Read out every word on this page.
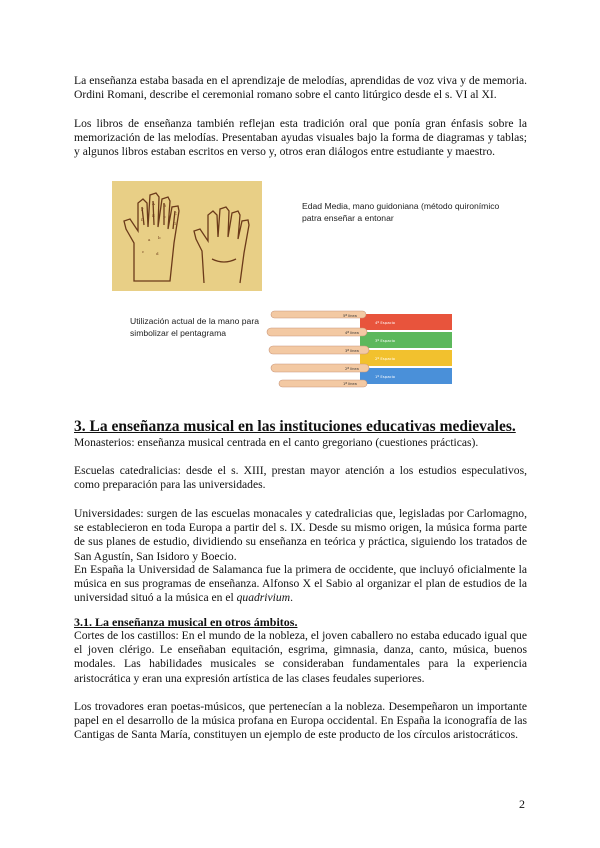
La enseñanza estaba basada en el aprendizaje de melodías, aprendidas de voz viva y de memoria. Ordini Romani, describe el ceremonial romano sobre el canto litúrgico desde el s. VI al XI.

Los libros de enseñanza también reflejan esta tradición oral que ponía gran énfasis sobre la memorización de las melodías. Presentaban ayudas visuales bajo la forma de diagramas y tablas; y algunos libros estaban escritos en verso y, otros eran diálogos entre estudiante y maestro.

Γ
A B
C
D
E F
G
a b
c	d
Edad Media, mano guidoniana (método quironímico patra enseñar a entonar
Utilización actual de la mano para simbolizar el pentagrama
5ª línea
4ª línea
3ª línea
2ª línea
1ª línea
4º Espacio
3º Espacio
2º Espacio
1º Espacio
3. La enseñanza musical en las instituciones educativas medievales.

Monasterios: enseñanza musical centrada en el canto gregoriano (cuestiones prácticas).

Escuelas catedralicias: desde el s. XIII, prestan mayor atención a los estudios especulativos, como preparación para las universidades.

Universidades: surgen de las escuelas monacales y catedralicias que, legisladas por Carlomagno, se establecieron en toda Europa a partir del s. IX. Desde su mismo origen, la música forma parte de sus planes de estudio, dividiendo su enseñanza en teórica y práctica, siguiendo los tratados de San Agustín, San Isidoro y Boecio.

En España la Universidad de Salamanca fue la primera de occidente, que incluyó oficialmente la música en sus programas de enseñanza. Alfonso X el Sabio al organizar el plan de estudios de la universidad situó a la música en el quadrivium.

3.1. La enseñanza musical en otros ámbitos.

Cortes de los castillos: En el mundo de la nobleza, el joven caballero no estaba educado igual que el joven clérigo. Le enseñaban equitación, esgrima, gimnasia, danza, canto, música, buenos modales. Las habilidades musicales se consideraban fundamentales para la experiencia aristocrática y eran una expresión artística de las clases feudales superiores.

Los trovadores eran poetas-músicos, que pertenecían a la nobleza. Desempeñaron un importante papel en el desarrollo de la música profana en Europa occidental. En España la iconografía de las Cantigas de Santa María, constituyen un ejemplo de este producto de los círculos aristocráticos.

2
